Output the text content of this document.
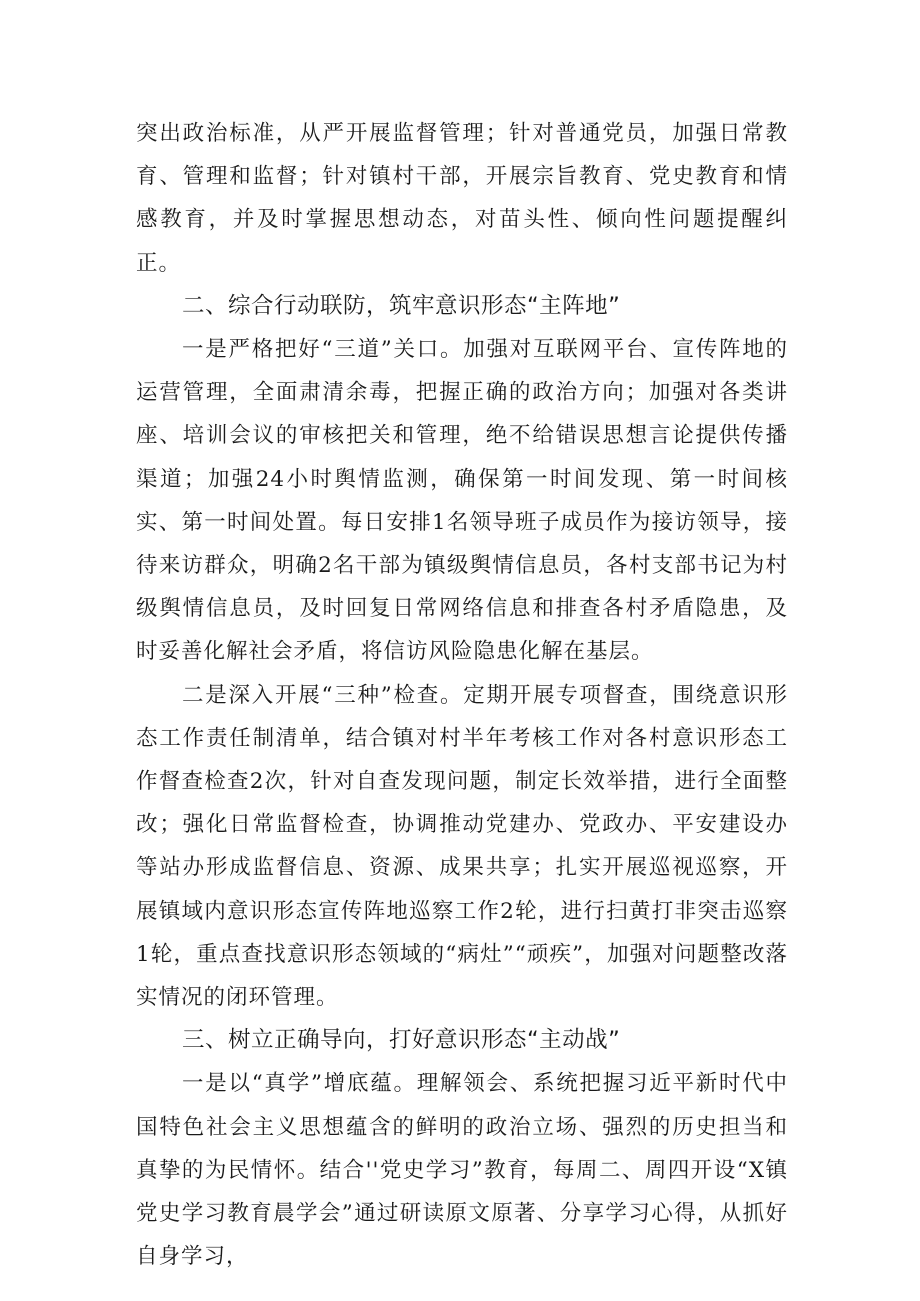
突出政治标准，从严开展监督管理；针对普通党员，加强日常教育、管理和监督；针对镇村干部，开展宗旨教育、党史教育和情感教育，并及时掌握思想动态，对苗头性、倾向性问题提醒纠正。

二、综合行动联防，筑牢意识形态“主阵地”

一是严格把好“三道”关口。加强对互联网平台、宣传阵地的运营管理，全面肃清余毒，把握正确的政治方向；加强对各类讲座、培训会议的审核把关和管理，绝不给错误思想言论提供传播渠道；加强24小时舆情监测，确保第一时间发现、第一时间核实、第一时间处置。每日安排1名领导班子成员作为接访领导，接待来访群众，明确2名干部为镇级舆情信息员，各村支部书记为村级舆情信息员，及时回复日常网络信息和排查各村矛盾隐患，及时妥善化解社会矛盾，将信访风险隐患化解在基层。

二是深入开展“三种”检查。定期开展专项督查，围绕意识形态工作责任制清单，结合镇对村半年考核工作对各村意识形态工作督查检查2次，针对自查发现问题，制定长效举措，进行全面整改；强化日常监督检查，协调推动党建办、党政办、平安建设办等站办形成监督信息、资源、成果共享；扎实开展巡视巡察，开展镇域内意识形态宣传阵地巡察工作2轮，进行扫黄打非突击巡察1轮，重点查找意识形态领域的“病灶”“顽疾”，加强对问题整改落实情况的闭环管理。

三、树立正确导向，打好意识形态“主动战”

一是以“真学”增底蕴。理解领会、系统把握习近平新时代中国特色社会主义思想蕴含的鲜明的政治立场、强烈的历史担当和真挚的为民情怀。结合''党史学习”教育，每周二、周四开设“X镇党史学习教育晨学会”通过研读原文原著、分享学习心得，从抓好自身学习，
